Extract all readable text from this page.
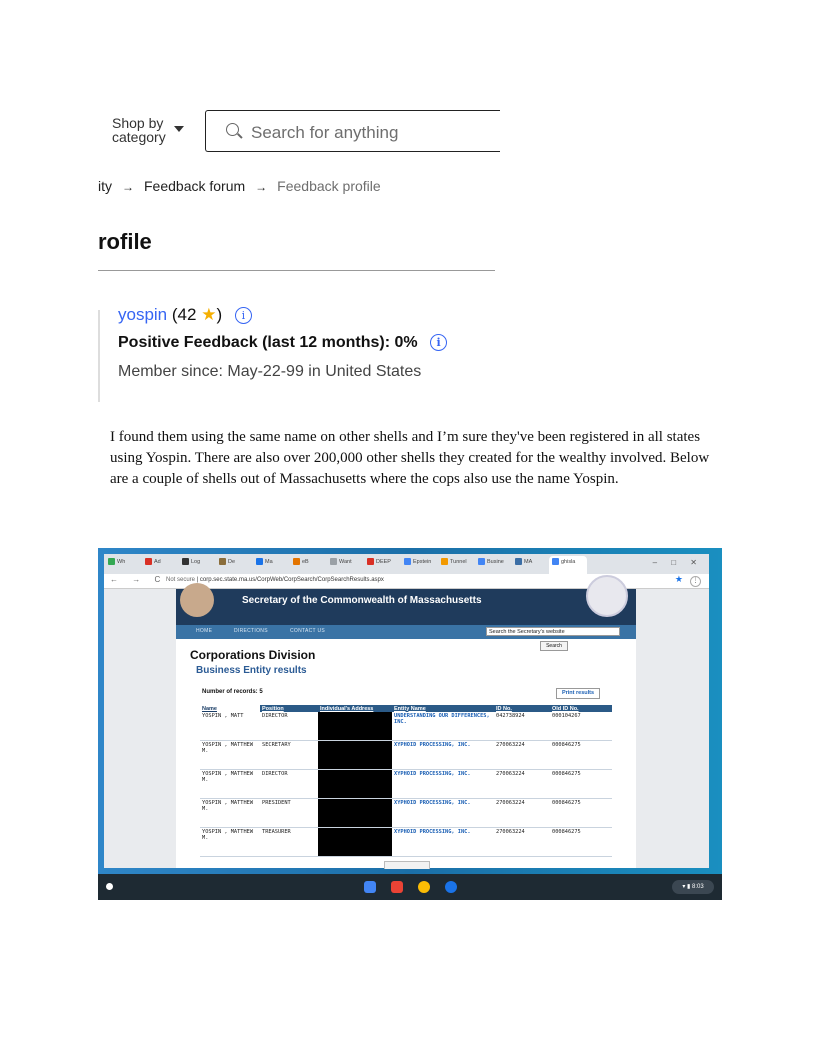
Shop by
category	Search for anything
ity → Feedback forum → Feedback profile
rofile
yospin (42 ★) i
Positive Feedback (last 12 months): 0% i
Member since: May-22-99 in United States
I found them using the same name on other shells and I’m sure they've been registered in all states using Yospin. There are also over 200,000 other shells they created for the wealthy involved. Below are a couple of shells out of Massachusetts where the cops also use the name Yospin.
– □ ✕
Wh	Ad	Log	De	Ma	eB	Want	DEEP	Epstein	Tunnel	Busine	MA	ghisla
← → C Not secure | corp.sec.state.ma.us/CorpWeb/CorpSearch/CorpSearchResults.aspx	★	⋮
Secretary of the Commonwealth of Massachusetts
HOME	DIRECTIONS	CONTACT US	Search the Secretary's website
Search
Corporations Division
Business Entity results
Number of records: 5	Print results
Name	Position	Individual's Address	Entity Name	ID No.	Old ID No.
YOSPIN , MATT	DIRECTOR		UNDERSTANDING OUR DIFFERENCES, INC.	042738924	000104267
YOSPIN , MATTHEW M.	SECRETARY		XYPHOID PROCESSING, INC.	270063224	000846275
YOSPIN , MATTHEW M.	DIRECTOR		XYPHOID PROCESSING, INC.	270063224	000846275
YOSPIN , MATTHEW M.	PRESIDENT		XYPHOID PROCESSING, INC.	270063224	000846275
YOSPIN , MATTHEW M.	TREASURER		XYPHOID PROCESSING, INC.	270063224	000846275
▾ ▮ 8:03
